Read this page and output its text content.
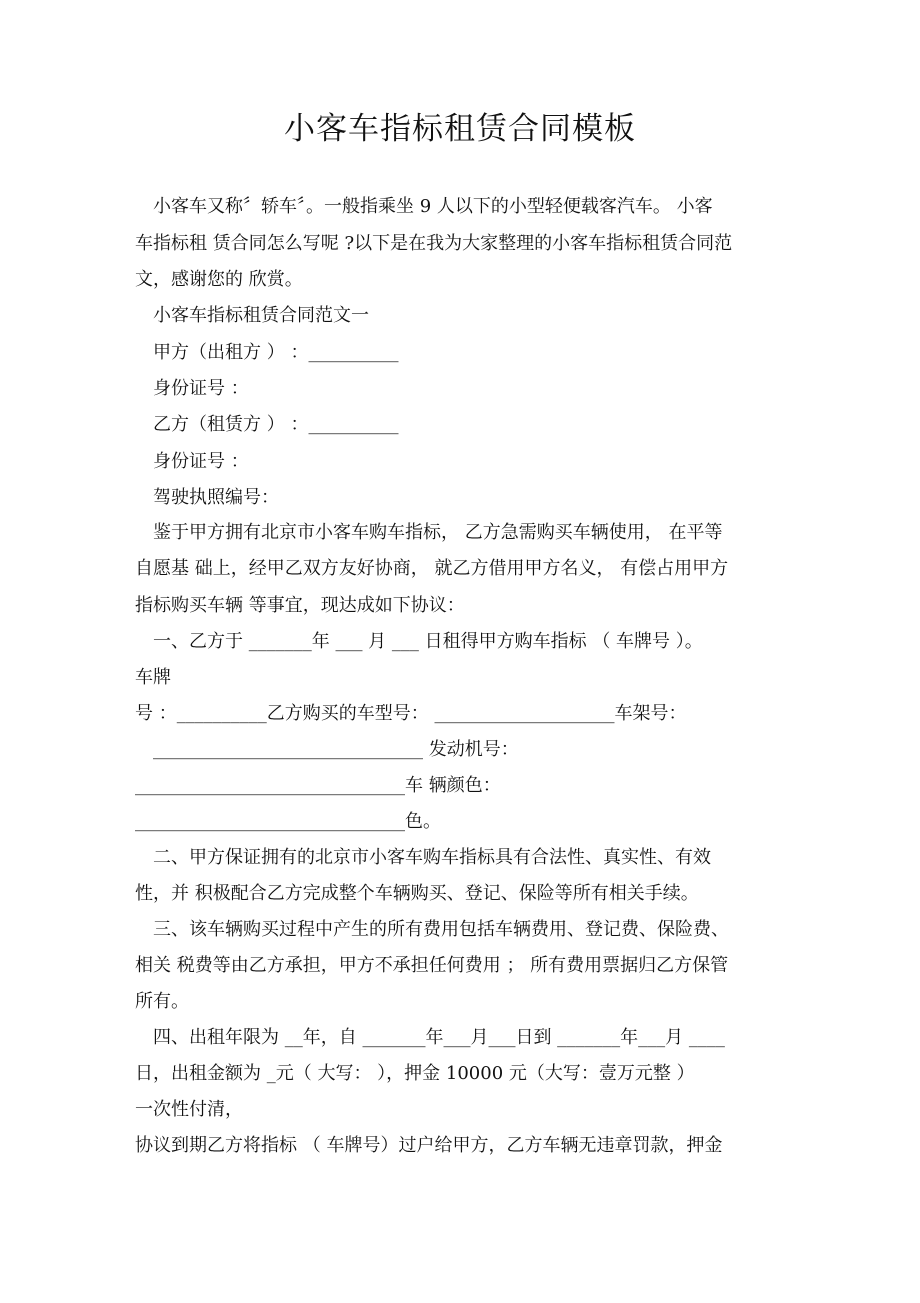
小客车指标租赁合同模板
小客车又称〞轿车〞。一般指乘坐 9 人以下的小型轻便载客汽车。 小客
车指标租 赁合同怎么写呢 ?以下是在我为大家整理的小客车指标租赁合同范
文，感谢您的 欣赏。
小客车指标租赁合同范文一
甲方（出租方 ） ：__________
身份证号 ：
乙方（租赁方 ） ：__________
身份证号 ：
驾驶执照编号：
鉴于甲方拥有北京市小客车购车指标， 乙方急需购买车辆使用， 在平等
自愿基 础上，经甲乙双方友好协商， 就乙方借用甲方名义， 有偿占用甲方
指标购买车辆 等事宜，现达成如下协议：
一、乙方于 _______年 ___ 月 ___ 日租得甲方购车指标 （ 车牌号 ）。
车牌
号 ：__________乙方购买的车型号： ____________________车架号：
______________________________ 发动机号：
______________________________车 辆颜色：
______________________________色。
二、甲方保证拥有的北京市小客车购车指标具有合法性、真实性、有效
性，并 积极配合乙方完成整个车辆购买、登记、保险等所有相关手续。
三、该车辆购买过程中产生的所有费用包括车辆费用、登记费、保险费、
相关 税费等由乙方承担，甲方不承担任何费用 ； 所有费用票据归乙方保管
所有。
四、出租年限为 __年，自 _______年___月___日到 _______年___月 ____
日，出租金额为 _元（ 大写： ），押金 10000 元（大写：壹万元整 ）
一次性付清，
协议到期乙方将指标 （ 车牌号）过户给甲方，乙方车辆无违章罚款，押金
